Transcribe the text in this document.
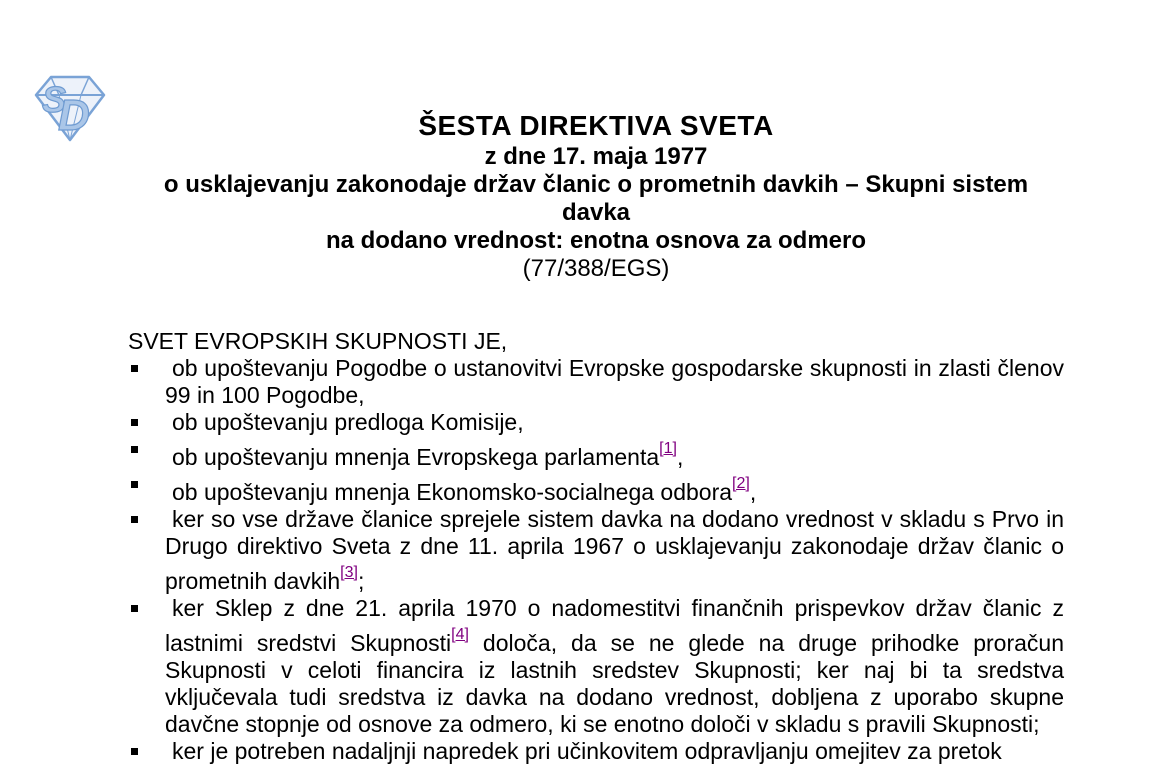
S
D	ŠESTA DIREKTIVA SVETA
z dne 17. maja 1977
o usklajevanju zakonodaje držav članic o prometnih davkih – Skupni sistem davka
na dodano vrednost: enotna osnova za odmero
(77/388/EGS)

SVET EVROPSKIH SKUPNOSTI JE,

ob upoštevanju Pogodbe o ustanovitvi Evropske gospodarske skupnosti in zlasti členov 99 in 100 Pogodbe,
ob upoštevanju predloga Komisije,
ob upoštevanju mnenja Evropskega parlamenta[1],
ob upoštevanju mnenja Ekonomsko-socialnega odbora[2],
ker so vse države članice sprejele sistem davka na dodano vrednost v skladu s Prvo in Drugo direktivo Sveta z dne 11. aprila 1967 o usklajevanju zakonodaje držav članic o prometnih davkih[3];
ker Sklep z dne 21. aprila 1970 o nadomestitvi finančnih prispevkov držav članic z lastnimi sredstvi Skupnosti[4] določa, da se ne glede na druge prihodke proračun Skupnosti v celoti financira iz lastnih sredstev Skupnosti; ker naj bi ta sredstva vključevala tudi sredstva iz davka na dodano vrednost, dobljena z uporabo skupne davčne stopnje od osnove za odmero, ki se enotno določi v skladu s pravili Skupnosti;
ker je potreben nadaljnji napredek pri učinkovitem odpravljanju omejitev za pretok
